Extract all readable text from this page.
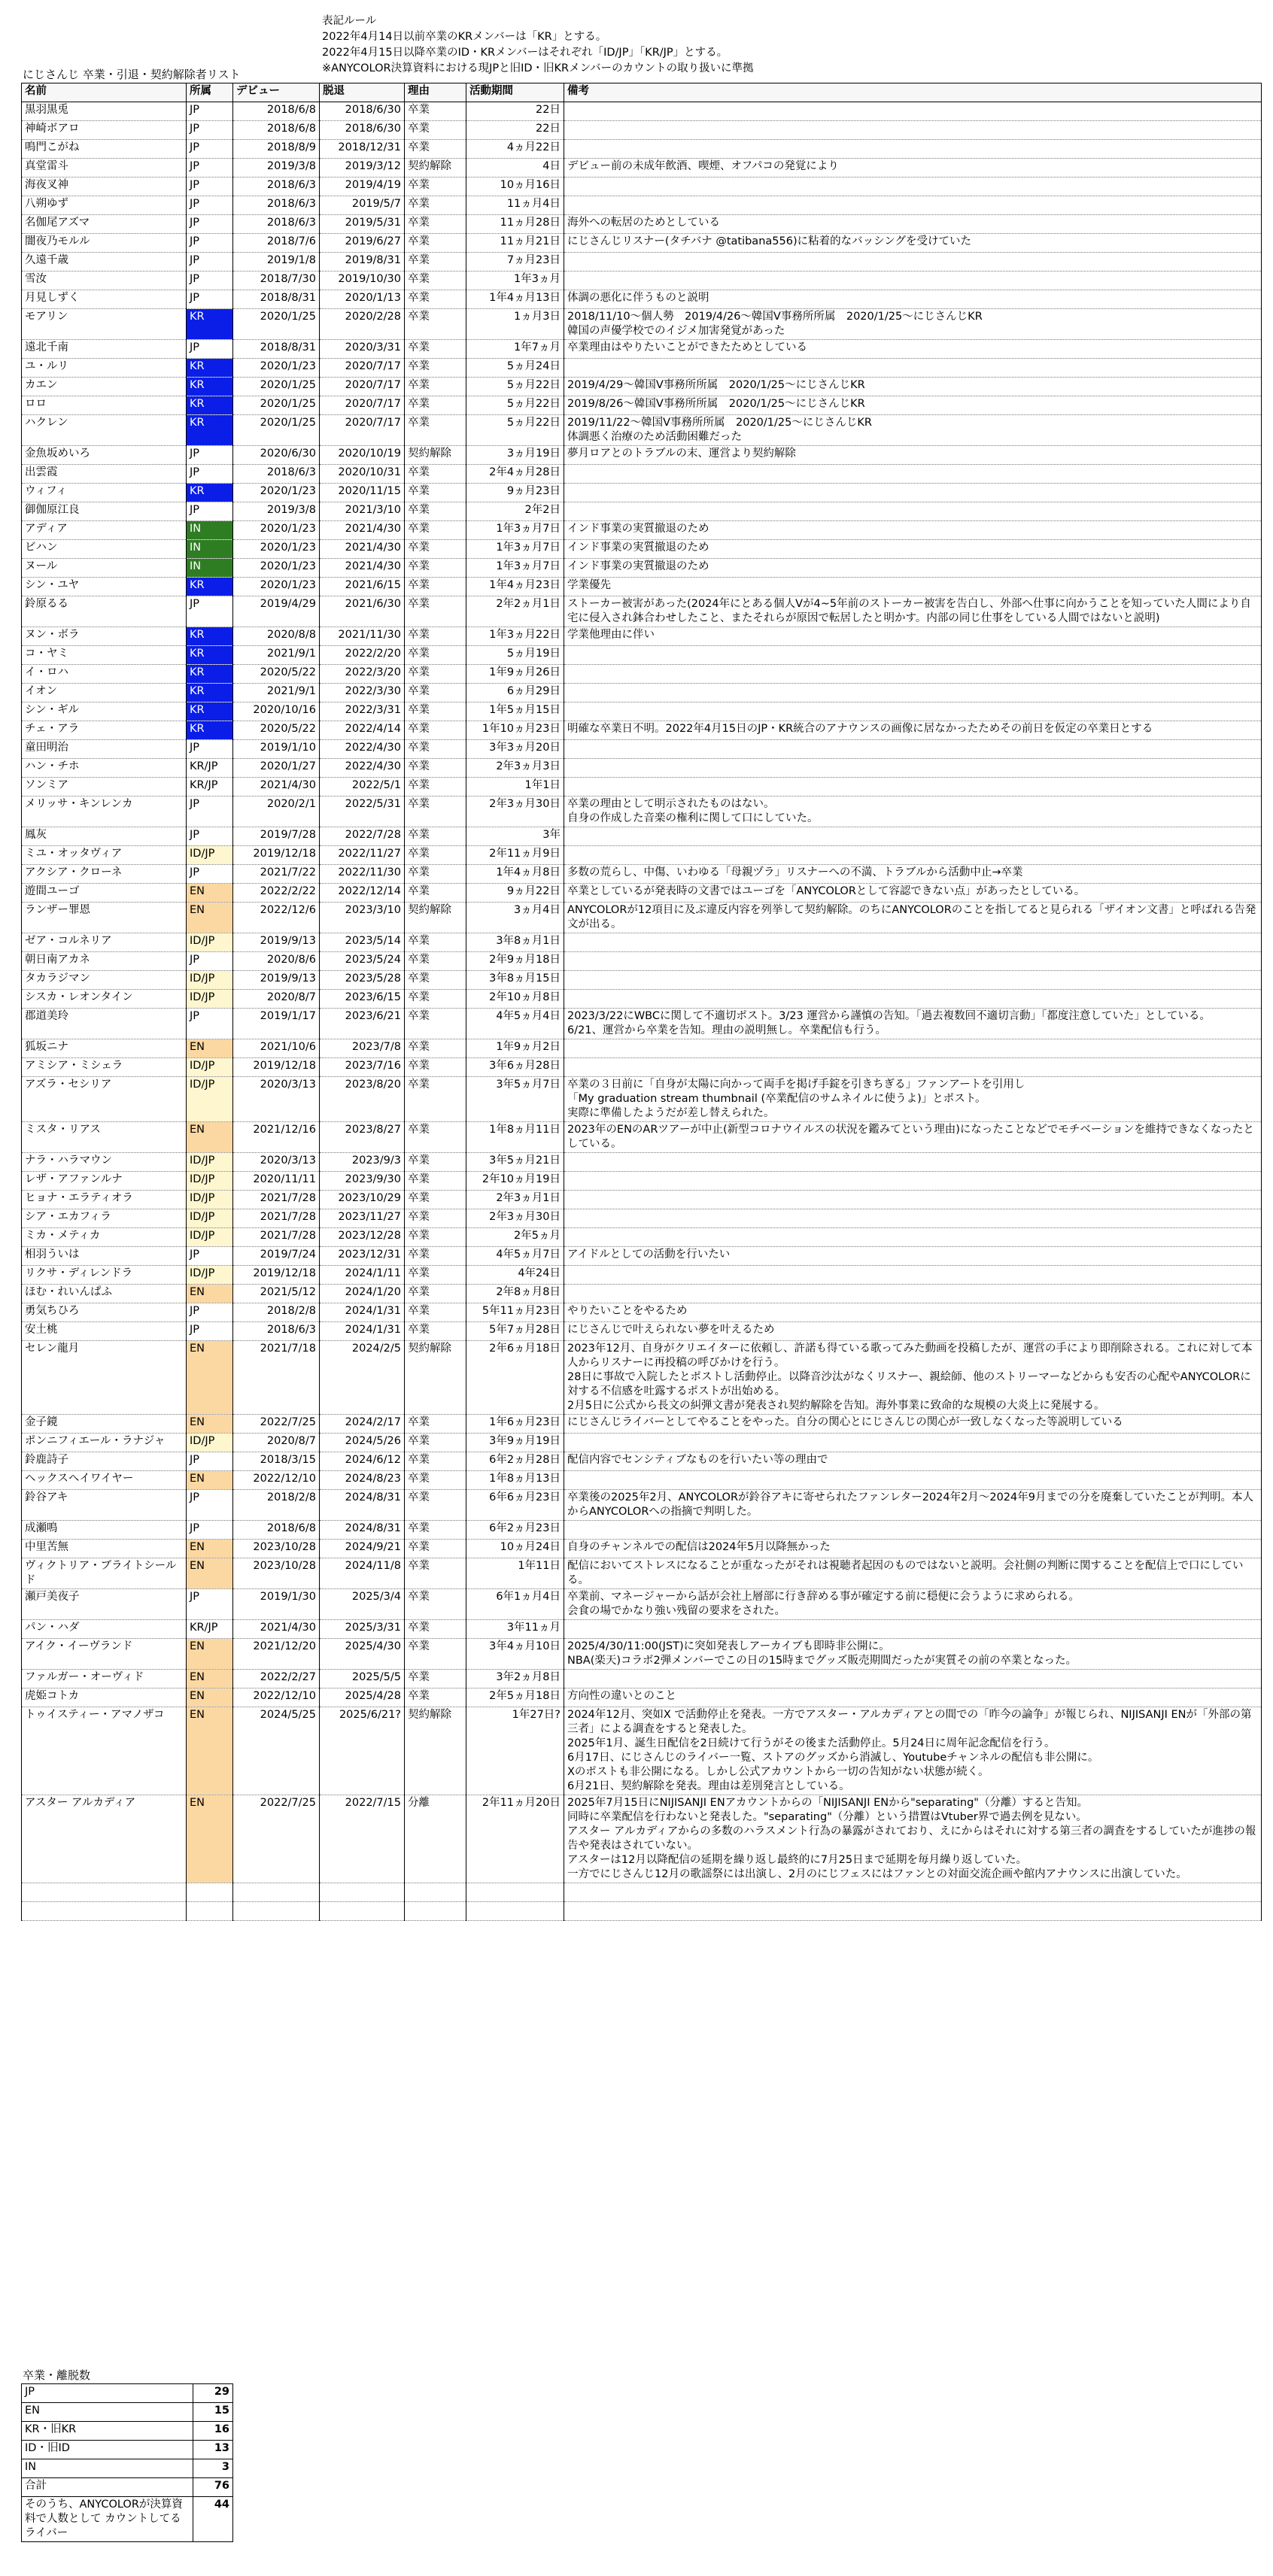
表記ルール
2022年4月14日以前卒業のKRメンバーは「KR」とする。
2022年4月15日以降卒業のID・KRメンバーはそれぞれ「ID/JP」「KR/JP」とする。
※ANYCOLOR決算資料における現JPと旧ID・旧KRメンバーのカウントの取り扱いに準拠
にじさんじ 卒業・引退・契約解除者リスト
名前	所属	デビュー	脱退	理由	活動期間	備考
黒羽黒兎	JP	2018/6/8	2018/6/30	卒業	22日	
神崎ボアロ	JP	2018/6/8	2018/6/30	卒業	22日	
鳴門こがね	JP	2018/8/9	2018/12/31	卒業	4ヵ月22日	
真堂雷斗	JP	2019/3/8	2019/3/12	契約解除	4日	デビュー前の未成年飲酒、喫煙、オフパコの発覚により
海夜叉神	JP	2018/6/3	2019/4/19	卒業	10ヵ月16日	
八朔ゆず	JP	2018/6/3	2019/5/7	卒業	11ヵ月4日	
名伽尾アズマ	JP	2018/6/3	2019/5/31	卒業	11ヵ月28日	海外への転居のためとしている
闇夜乃モルル	JP	2018/7/6	2019/6/27	卒業	11ヵ月21日	にじさんじリスナー(タチバナ @tatibana556)に粘着的なバッシングを受けていた
久遠千歳	JP	2019/1/8	2019/8/31	卒業	7ヵ月23日	
雪汝	JP	2018/7/30	2019/10/30	卒業	1年3ヵ月	
月見しずく	JP	2018/8/31	2020/1/13	卒業	1年4ヵ月13日	体調の悪化に伴うものと説明
モアリン	KR	2020/1/25	2020/2/28	卒業	1ヵ月3日	2018/11/10～個人勢　2019/4/26～韓国V事務所所属　2020/1/25～にじさんじKR
韓国の声優学校でのイジメ加害発覚があった
遠北千南	JP	2018/8/31	2020/3/31	卒業	1年7ヵ月	卒業理由はやりたいことができたためとしている
ユ・ルリ	KR	2020/1/23	2020/7/17	卒業	5ヵ月24日	
カエン	KR	2020/1/25	2020/7/17	卒業	5ヵ月22日	2019/4/29～韓国V事務所所属　2020/1/25～にじさんじKR
ロロ	KR	2020/1/25	2020/7/17	卒業	5ヵ月22日	2019/8/26～韓国V事務所所属　2020/1/25～にじさんじKR
ハクレン	KR	2020/1/25	2020/7/17	卒業	5ヵ月22日	2019/11/22～韓国V事務所所属　2020/1/25～にじさんじKR
体調悪く治療のため活動困難だった
金魚坂めいろ	JP	2020/6/30	2020/10/19	契約解除	3ヵ月19日	夢月ロアとのトラブルの末、運営より契約解除
出雲霞	JP	2018/6/3	2020/10/31	卒業	2年4ヵ月28日	
ウィフィ	KR	2020/1/23	2020/11/15	卒業	9ヵ月23日	
御伽原江良	JP	2019/3/8	2021/3/10	卒業	2年2日	
アディア	IN	2020/1/23	2021/4/30	卒業	1年3ヵ月7日	インド事業の実質撤退のため
ビハン	IN	2020/1/23	2021/4/30	卒業	1年3ヵ月7日	インド事業の実質撤退のため
ヌール	IN	2020/1/23	2021/4/30	卒業	1年3ヵ月7日	インド事業の実質撤退のため
シン・ユヤ	KR	2020/1/23	2021/6/15	卒業	1年4ヵ月23日	学業優先
鈴原るる	JP	2019/4/29	2021/6/30	卒業	2年2ヵ月1日	ストーカー被害があった(2024年にとある個人Vが4~5年前のストーカー被害を告白し、外部へ仕事に向かうことを知っていた人間により自宅に侵入され鉢合わせしたこと、またそれらが原因で転居したと明かす。内部の同じ仕事をしている人間ではないと説明)
ヌン・ボラ	KR	2020/8/8	2021/11/30	卒業	1年3ヵ月22日	学業他理由に伴い
コ・ヤミ	KR	2021/9/1	2022/2/20	卒業	5ヵ月19日	
イ・ロハ	KR	2020/5/22	2022/3/20	卒業	1年9ヵ月26日	
イオン	KR	2021/9/1	2022/3/30	卒業	6ヵ月29日	
シン・ギル	KR	2020/10/16	2022/3/31	卒業	1年5ヵ月15日	
チェ・アラ	KR	2020/5/22	2022/4/14	卒業	1年10ヵ月23日	明確な卒業日不明。2022年4月15日のJP・KR統合のアナウンスの画像に居なかったためその前日を仮定の卒業日とする
童田明治	JP	2019/1/10	2022/4/30	卒業	3年3ヵ月20日	
ハン・チホ	KR/JP	2020/1/27	2022/4/30	卒業	2年3ヵ月3日	
ソンミア	KR/JP	2021/4/30	2022/5/1	卒業	1年1日	
メリッサ・キンレンカ	JP	2020/2/1	2022/5/31	卒業	2年3ヵ月30日	卒業の理由として明示されたものはない。
自身の作成した音楽の権利に関して口にしていた。
鳳灰	JP	2019/7/28	2022/7/28	卒業	3年	
ミユ・オッタヴィア	ID/JP	2019/12/18	2022/11/27	卒業	2年11ヵ月9日	
アクシア・クローネ	JP	2021/7/22	2022/11/30	卒業	1年4ヵ月8日	多数の荒らし、中傷、いわゆる「母親ヅラ」リスナーへの不満、トラブルから活動中止→卒業
遊間ユーゴ	EN	2022/2/22	2022/12/14	卒業	9ヵ月22日	卒業としているが発表時の文書ではユーゴを「ANYCOLORとして容認できない点」があったとしている。
ランザー罪恩	EN	2022/12/6	2023/3/10	契約解除	3ヵ月4日	ANYCOLORが12項目に及ぶ違反内容を列挙して契約解除。のちにANYCOLORのことを指してると見られる「ザイオン文書」と呼ばれる告発文が出る。
ゼア・コルネリア	ID/JP	2019/9/13	2023/5/14	卒業	3年8ヵ月1日	
朝日南アカネ	JP	2020/8/6	2023/5/24	卒業	2年9ヵ月18日	
タカラジマン	ID/JP	2019/9/13	2023/5/28	卒業	3年8ヵ月15日	
シスカ・レオンタイン	ID/JP	2020/8/7	2023/6/15	卒業	2年10ヵ月8日	
郡道美玲	JP	2019/1/17	2023/6/21	卒業	4年5ヵ月4日	2023/3/22にWBCに関して不適切ポスト。3/23 運営から謹慎の告知。「過去複数回不適切言動」「都度注意していた」としている。
6/21、運営から卒業を告知。理由の説明無し。卒業配信も行う。
狐坂ニナ	EN	2021/10/6	2023/7/8	卒業	1年9ヵ月2日	
アミシア・ミシェラ	ID/JP	2019/12/18	2023/7/16	卒業	3年6ヵ月28日	
アズラ・セシリア	ID/JP	2020/3/13	2023/8/20	卒業	3年5ヵ月7日	卒業の３日前に「自身が太陽に向かって両手を掲げ手錠を引きちぎる」ファンアートを引用し
「My graduation stream thumbnail (卒業配信のサムネイルに使うよ)」とポスト。
実際に準備したようだが差し替えられた。
ミスタ・リアス	EN	2021/12/16	2023/8/27	卒業	1年8ヵ月11日	2023年のENのARツアーが中止(新型コロナウイルスの状況を鑑みてという理由)になったことなどでモチベーションを維持できなくなったとしている。
ナラ・ハラマウン	ID/JP	2020/3/13	2023/9/3	卒業	3年5ヵ月21日	
レザ・アファンルナ	ID/JP	2020/11/11	2023/9/30	卒業	2年10ヵ月19日	
ヒョナ・エラティオラ	ID/JP	2021/7/28	2023/10/29	卒業	2年3ヵ月1日	
シア・エカフィラ	ID/JP	2021/7/28	2023/11/27	卒業	2年3ヵ月30日	
ミカ・メティカ	ID/JP	2021/7/28	2023/12/28	卒業	2年5ヵ月	
相羽ういは	JP	2019/7/24	2023/12/31	卒業	4年5ヵ月7日	アイドルとしての活動を行いたい
リクサ・ディレンドラ	ID/JP	2019/12/18	2024/1/11	卒業	4年24日	
ほむ・れいんぱふ	EN	2021/5/12	2024/1/20	卒業	2年8ヵ月8日	
勇気ちひろ	JP	2018/2/8	2024/1/31	卒業	5年11ヵ月23日	やりたいことをやるため
安土桃	JP	2018/6/3	2024/1/31	卒業	5年7ヵ月28日	にじさんじで叶えられない夢を叶えるため
セレン龍月	EN	2021/7/18	2024/2/5	契約解除	2年6ヵ月18日	2023年12月、自身がクリエイターに依頼し、許諾も得ている歌ってみた動画を投稿したが、運営の手により即削除される。これに対して本人からリスナーに再投稿の呼びかけを行う。
28日に事故で入院したとポストし活動停止。以降音沙汰がなくリスナー、親絵師、他のストリーマーなどからも安否の心配やANYCOLORに対する不信感を吐露するポストが出始める。
2月5日に公式から長文の糾弾文書が発表され契約解除を告知。海外事業に致命的な規模の大炎上に発展する。
金子鏡	EN	2022/7/25	2024/2/17	卒業	1年6ヵ月23日	にじさんじライバーとしてやることをやった。自分の関心とにじさんじの関心が一致しなくなった等説明している
ポンニフィエール・ラナジャ	ID/JP	2020/8/7	2024/5/26	卒業	3年9ヵ月19日	
鈴鹿詩子	JP	2018/3/15	2024/6/12	卒業	6年2ヵ月28日	配信内容でセンシティブなものを行いたい等の理由で
ヘックスヘイワイヤー	EN	2022/12/10	2024/8/23	卒業	1年8ヵ月13日	
鈴谷アキ	JP	2018/2/8	2024/8/31	卒業	6年6ヵ月23日	卒業後の2025年2月、ANYCOLORが鈴谷アキに寄せられたファンレター2024年2月～2024年9月までの分を廃棄していたことが判明。本人からANYCOLORへの指摘で判明した。
成瀬鳴	JP	2018/6/8	2024/8/31	卒業	6年2ヵ月23日	
中里苦無	EN	2023/10/28	2024/9/21	卒業	10ヵ月24日	自身のチャンネルでの配信は2024年5月以降無かった
ヴィクトリア・ブライトシールド	EN	2023/10/28	2024/11/8	卒業	1年11日	配信においてストレスになることが重なったがそれは視聴者起因のものではないと説明。会社側の判断に関することを配信上で口にしている。
瀬戸美夜子	JP	2019/1/30	2025/3/4	卒業	6年1ヵ月4日	卒業前、マネージャーから話が会社上層部に行き辞める事が確定する前に穏便に会うように求められる。
会食の場でかなり強い残留の要求をされた。
パン・ハダ	KR/JP	2021/4/30	2025/3/31	卒業	3年11ヵ月	
アイク・イーヴランド	EN	2021/12/20	2025/4/30	卒業	3年4ヵ月10日	2025/4/30/11:00(JST)に突如発表しアーカイブも即時非公開に。
NBA(楽天)コラボ2弾メンバーでこの日の15時までグッズ販売期間だったが実質その前の卒業となった。
ファルガー・オーヴィド	EN	2022/2/27	2025/5/5	卒業	3年2ヵ月8日	
虎姫コトカ	EN	2022/12/10	2025/4/28	卒業	2年5ヵ月18日	方向性の違いとのこと
トゥイスティー・アマノザコ	EN	2024/5/25	2025/6/21?	契約解除	1年27日?	2024年12月、突如X で活動停止を発表。一方でアスター・アルカディアとの間での「昨今の論争」が報じられ、NIJISANJI ENが「外部の第三者」による調査をすると発表した。
2025年1月、誕生日配信を2日続けて行うがその後また活動停止。5月24日に周年記念配信を行う。
6月17日、にじさんじのライバー一覧、ストアのグッズから消滅し、Youtubeチャンネルの配信も非公開に。
Xのポストも非公開になる。しかし公式アカウントから一切の告知がない状態が続く。
6月21日、契約解除を発表。理由は差別発言としている。
アスター アルカディア	EN	2022/7/25	2022/7/15	分離	2年11ヵ月20日	2025年7月15日にNIJISANJI ENアカウントからの「NIJISANJI ENから"separating"（分離）すると告知。
同時に卒業配信を行わないと発表した。"separating"（分離）という措置はVtuber界で過去例を見ない。
アスター アルカディアからの多数のハラスメント行為の暴露がされており、えにからはそれに対する第三者の調査をするしていたが進捗の報告や発表はされていない。
アスターは12月以降配信の延期を繰り返し最終的に7月25日まで延期を毎月繰り返していた。
一方でにじさんじ12月の歌謡祭には出演し、2月のにじフェスにはファンとの対面交流企画や館内アナウンスに出演していた。

卒業・離脱数
JP	29
EN	15
KR・旧KR	16
ID・旧ID	13
IN	3
合計	76
そのうち、ANYCOLORが決算資料で人数として カウントしてるライバー	44
